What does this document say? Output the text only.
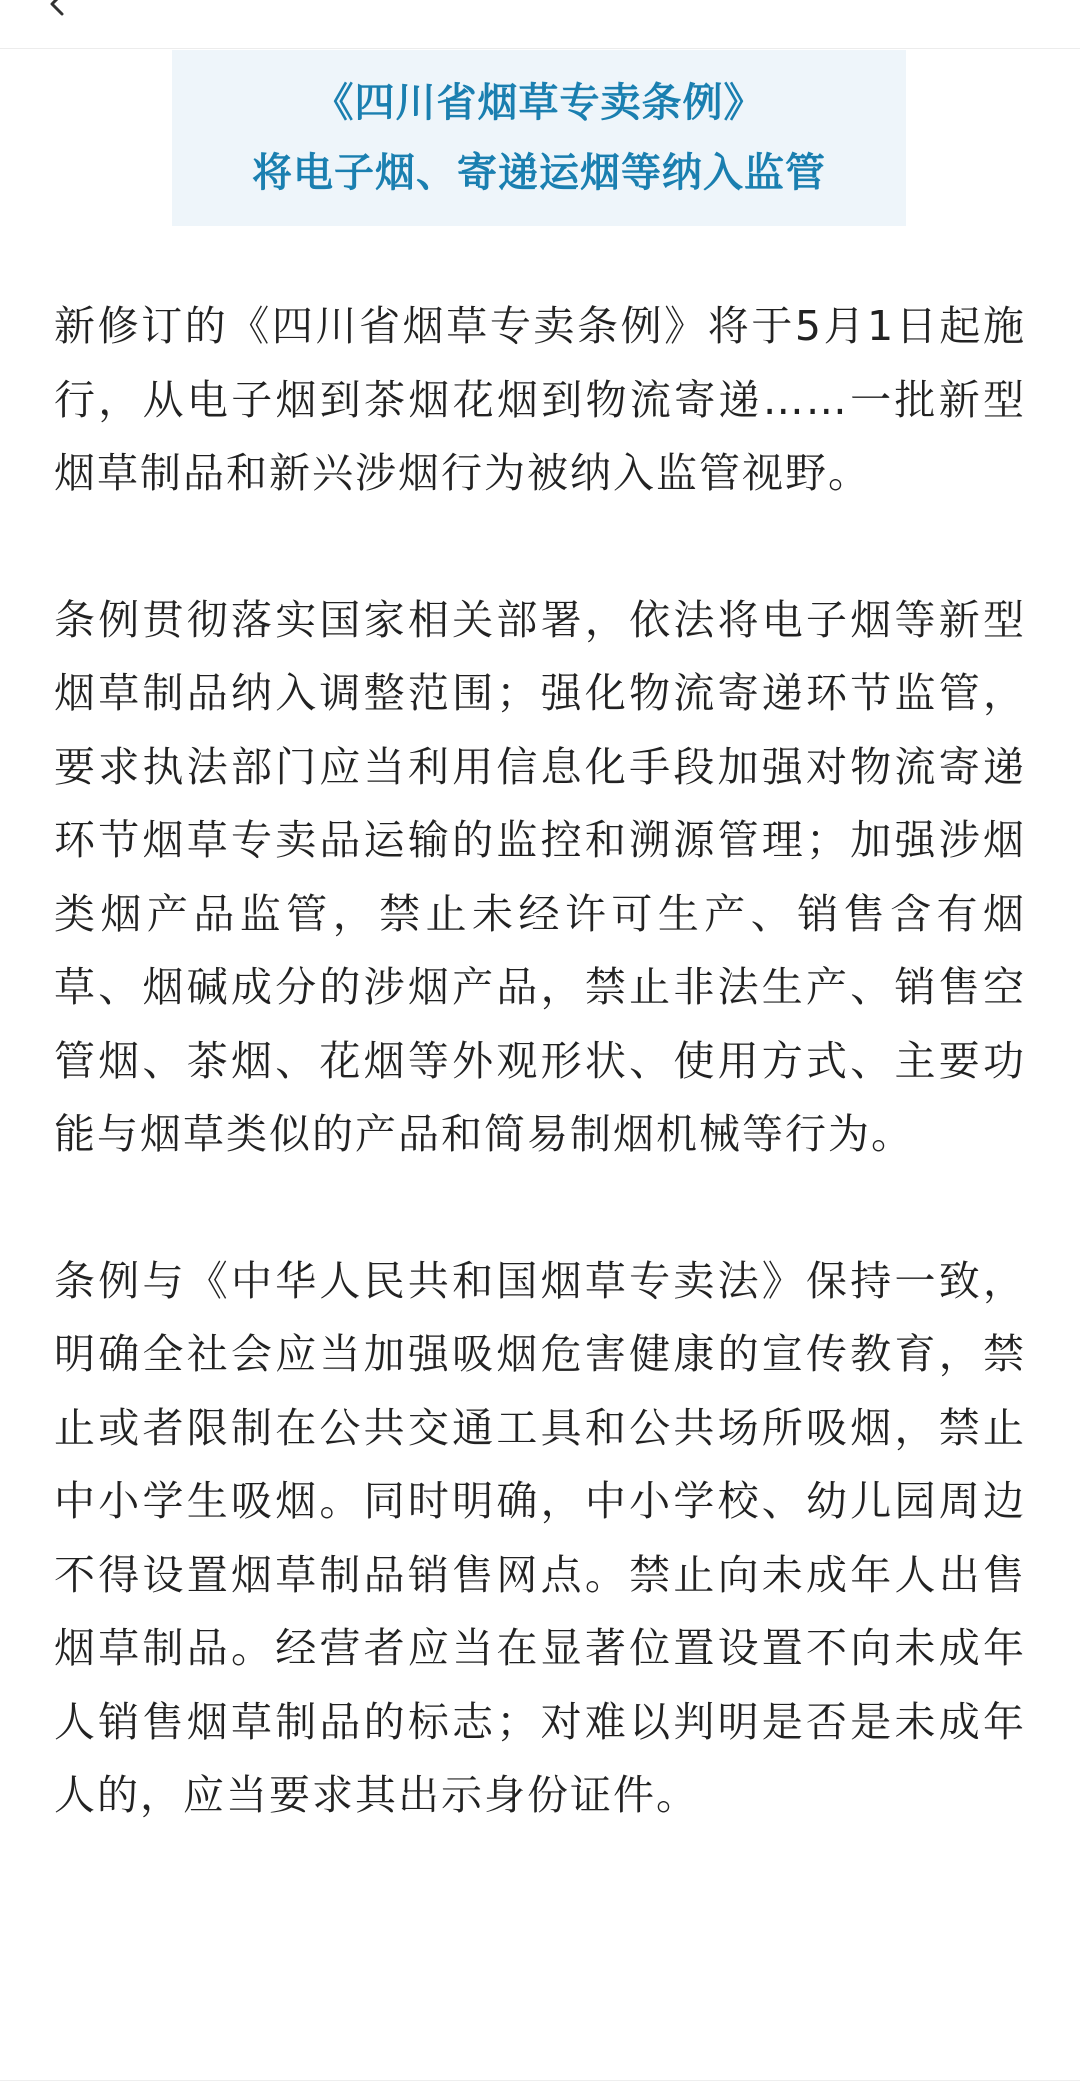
《四川省烟草专卖条例》
将电子烟、寄递运烟等纳入监管

新修订的《四川省烟草专卖条例》将于5月1日起施行，从电子烟到茶烟花烟到物流寄递……一批新型烟草制品和新兴涉烟行为被纳入监管视野。

条例贯彻落实国家相关部署，依法将电子烟等新型烟草制品纳入调整范围；强化物流寄递环节监管，要求执法部门应当利用信息化手段加强对物流寄递环节烟草专卖品运输的监控和溯源管理；加强涉烟类烟产品监管，禁止未经许可生产、销售含有烟草、烟碱成分的涉烟产品，禁止非法生产、销售空管烟、茶烟、花烟等外观形状、使用方式、主要功能与烟草类似的产品和简易制烟机械等行为。

条例与《中华人民共和国烟草专卖法》保持一致，明确全社会应当加强吸烟危害健康的宣传教育，禁止或者限制在公共交通工具和公共场所吸烟，禁止中小学生吸烟。同时明确，中小学校、幼儿园周边不得设置烟草制品销售网点。禁止向未成年人出售烟草制品。经营者应当在显著位置设置不向未成年人销售烟草制品的标志；对难以判明是否是未成年人的，应当要求其出示身份证件。
